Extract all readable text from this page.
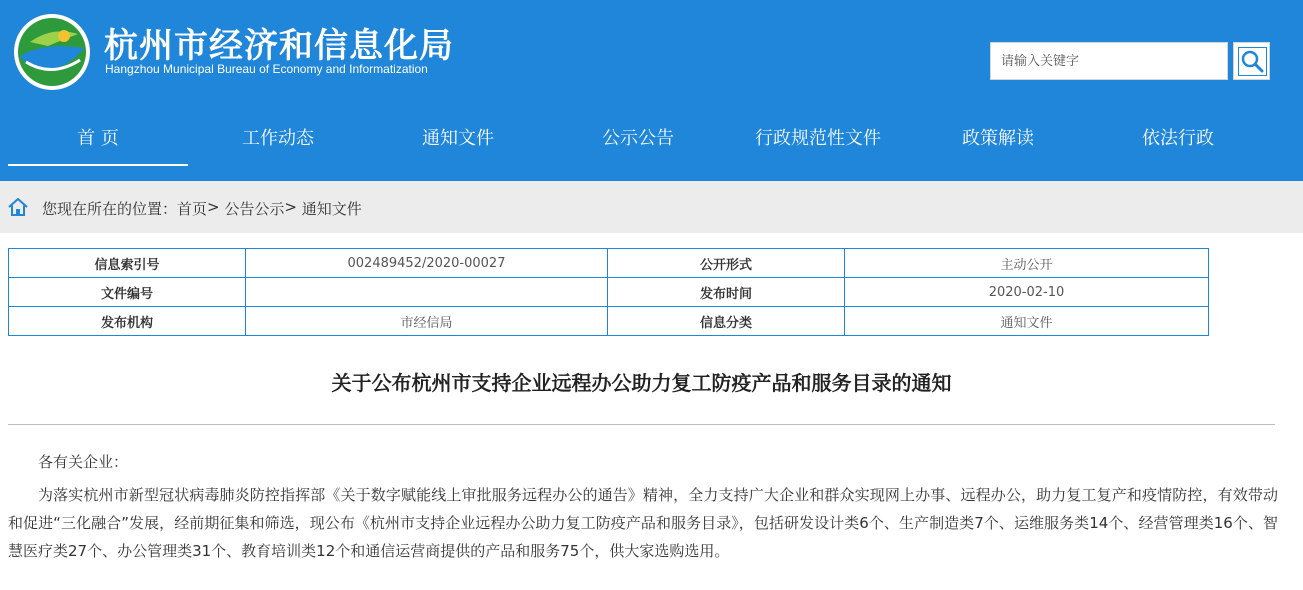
杭州市经济和信息化局
Hangzhou Municipal Bureau of Economy and Informatization
请输入关键字
首 页	工作动态	通知文件	公示公告	行政规范性文件	政策解读	依法行政
您现在所在的位置： 首页 >
公告公示 >
通知文件
信息索引号	002489452/2020-00027	公开形式	主动公开
文件编号		发布时间	2020-02-10
发布机构	市经信局	信息分类	通知文件
关于公布杭州市支持企业远程办公助力复工防疫产品和服务目录的通知
各有关企业：
为落实杭州市新型冠状病毒肺炎防控指挥部《关于数字赋能线上审批服务远程办公的通告》精神，全力支持广大企业和群众实现网上办事、远程办公，助力复工复产和疫情防控，有效带动和促进“三化融合”发展，经前期征集和筛选，现公布《杭州市支持企业远程办公助力复工防疫产品和服务目录》，包括研发设计类6个、生产制造类7个、运维服务类14个、经营管理类16个、智慧医疗类27个、办公管理类31个、教育培训类12个和通信运营商提供的产品和服务75个，供大家选购选用。
